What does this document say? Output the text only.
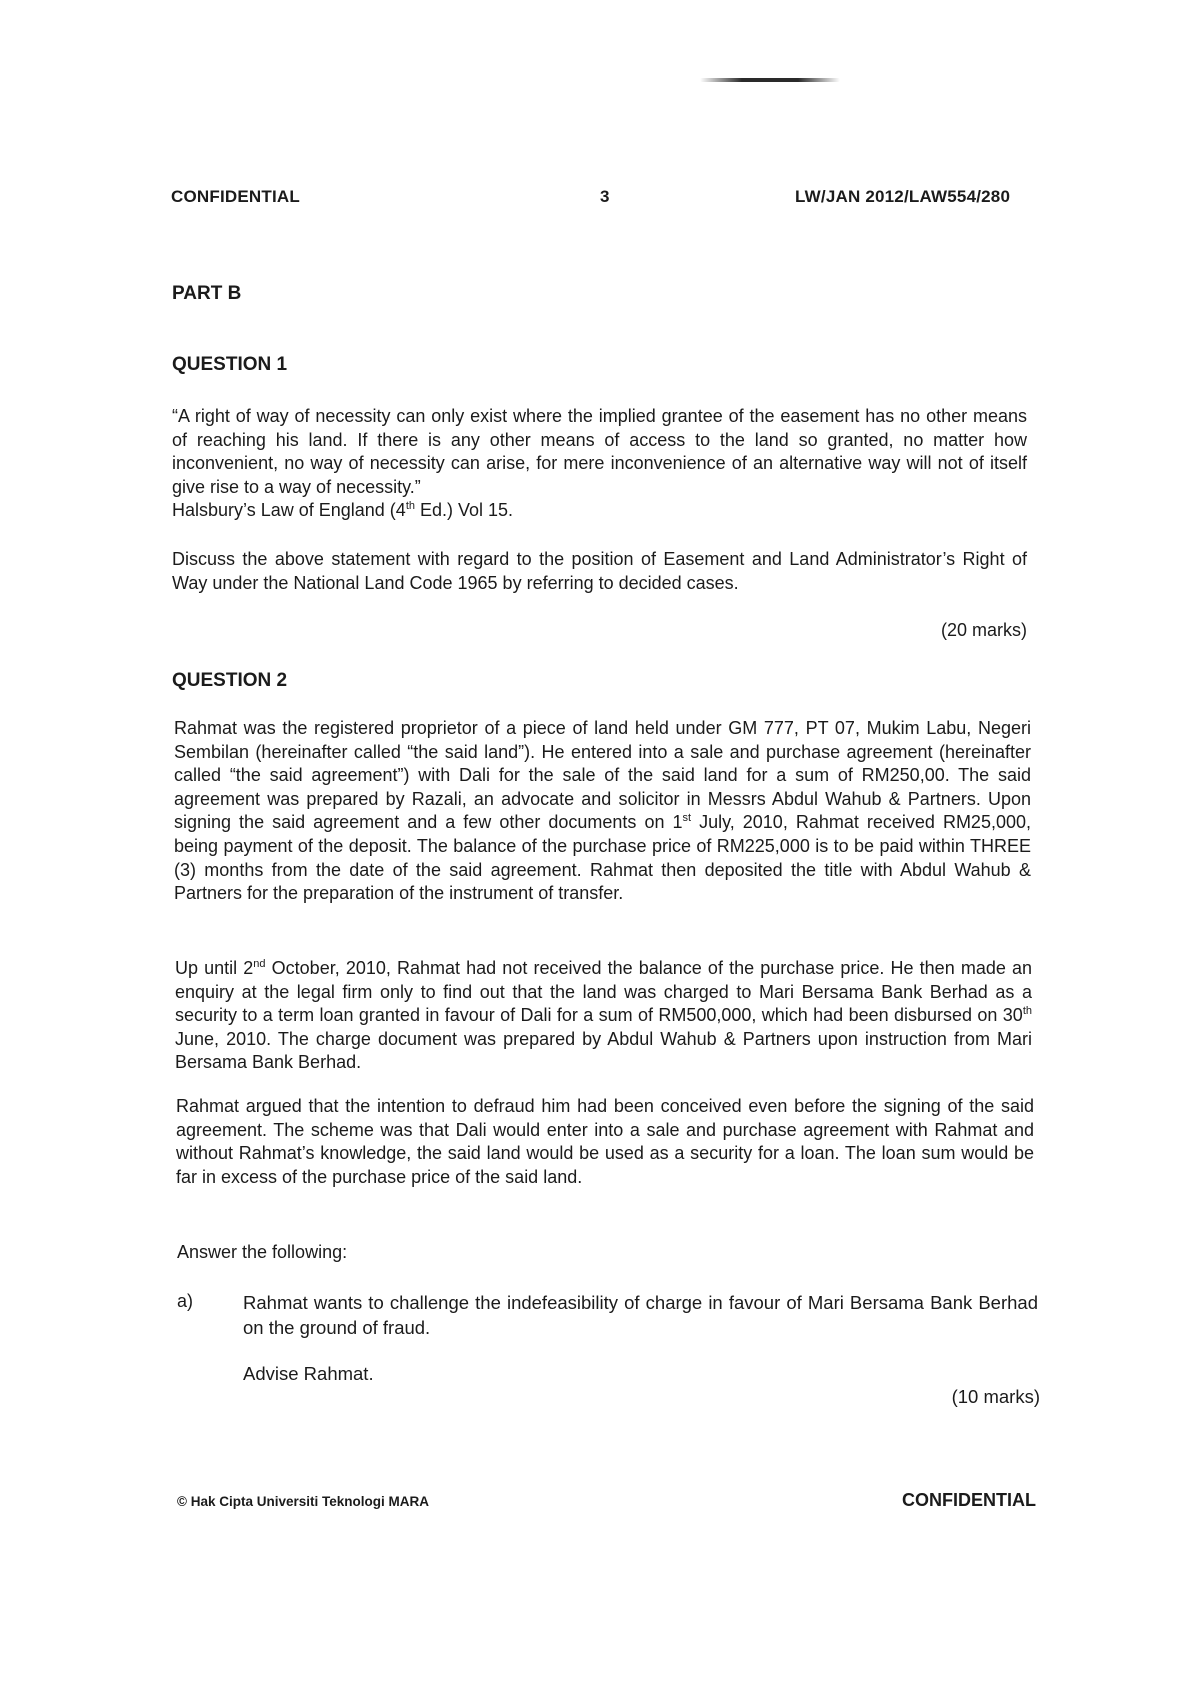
CONFIDENTIAL	3	LW/JAN 2012/LAW554/280
PART B
QUESTION 1
“A right of way of necessity can only exist where the implied grantee of the easement has no other means of reaching his land. If there is any other means of access to the land so granted, no matter how inconvenient, no way of necessity can arise, for mere inconvenience of an alternative way will not of itself give rise to a way of necessity.”
Halsbury’s Law of England (4th Ed.) Vol 15.
Discuss the above statement with regard to the position of Easement and Land Administrator’s Right of Way under the National Land Code 1965 by referring to decided cases.
(20 marks)
QUESTION 2
Rahmat was the registered proprietor of a piece of land held under GM 777, PT 07, Mukim Labu, Negeri Sembilan (hereinafter called “the said land”). He entered into a sale and purchase agreement (hereinafter called “the said agreement”) with Dali for the sale of the said land for a sum of RM250,00. The said agreement was prepared by Razali, an advocate and solicitor in Messrs Abdul Wahub & Partners. Upon signing the said agreement and a few other documents on 1st July, 2010, Rahmat received RM25,000, being payment of the deposit. The balance of the purchase price of RM225,000 is to be paid within THREE (3) months from the date of the said agreement. Rahmat then deposited the title with Abdul Wahub & Partners for the preparation of the instrument of transfer.
Up until 2nd October, 2010, Rahmat had not received the balance of the purchase price. He then made an enquiry at the legal firm only to find out that the land was charged to Mari Bersama Bank Berhad as a security to a term loan granted in favour of Dali for a sum of RM500,000, which had been disbursed on 30th June, 2010. The charge document was prepared by Abdul Wahub & Partners upon instruction from Mari Bersama Bank Berhad.
Rahmat argued that the intention to defraud him had been conceived even before the signing of the said agreement. The scheme was that Dali would enter into a sale and purchase agreement with Rahmat and without Rahmat’s knowledge, the said land would be used as a security for a loan. The loan sum would be far in excess of the purchase price of the said land.
Answer the following:
a)	Rahmat wants to challenge the indefeasibility of charge in favour of Mari Bersama Bank Berhad on the ground of fraud.
Advise Rahmat.
(10 marks)
© Hak Cipta Universiti Teknologi MARA	CONFIDENTIAL
